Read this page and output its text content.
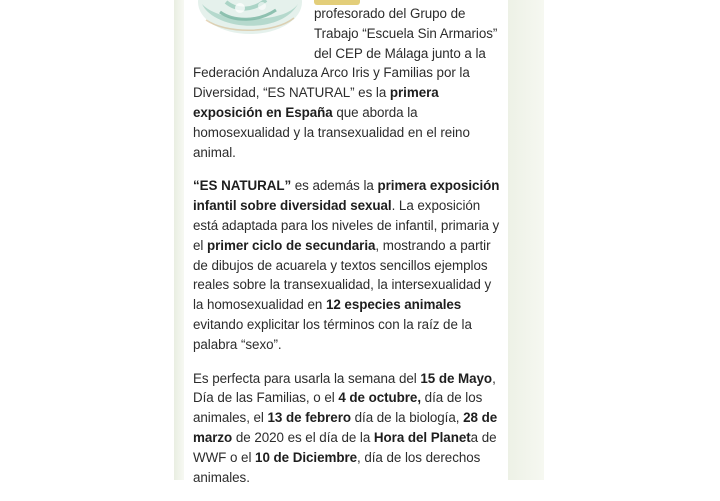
profesorado del Grupo de
Trabajo “Escuela Sin Armarios”
del CEP de Málaga junto a la
Federación Andaluza Arco Iris y Familias por la Diversidad, “ES NATURAL” es la primera exposición en España que aborda la homosexualidad y la transexualidad en el reino animal.
“ES NATURAL” es además la primera exposición infantil sobre diversidad sexual. La exposición está adaptada para los niveles de infantil, primaria y el primer ciclo de secundaria, mostrando a partir de dibujos de acuarela y textos sencillos ejemplos reales sobre la transexualidad, la intersexualidad y la homosexualidad en 12 especies animales evitando explicitar los términos con la raíz de la palabra “sexo”.
Es perfecta para usarla la semana del 15 de Mayo, Día de las Familias, o el 4 de octubre, día de los animales, el 13 de febrero día de la biología, 28 de marzo de 2020 es el día de la Hora del Planeta de WWF o el 10 de Diciembre, día de los derechos animales.
